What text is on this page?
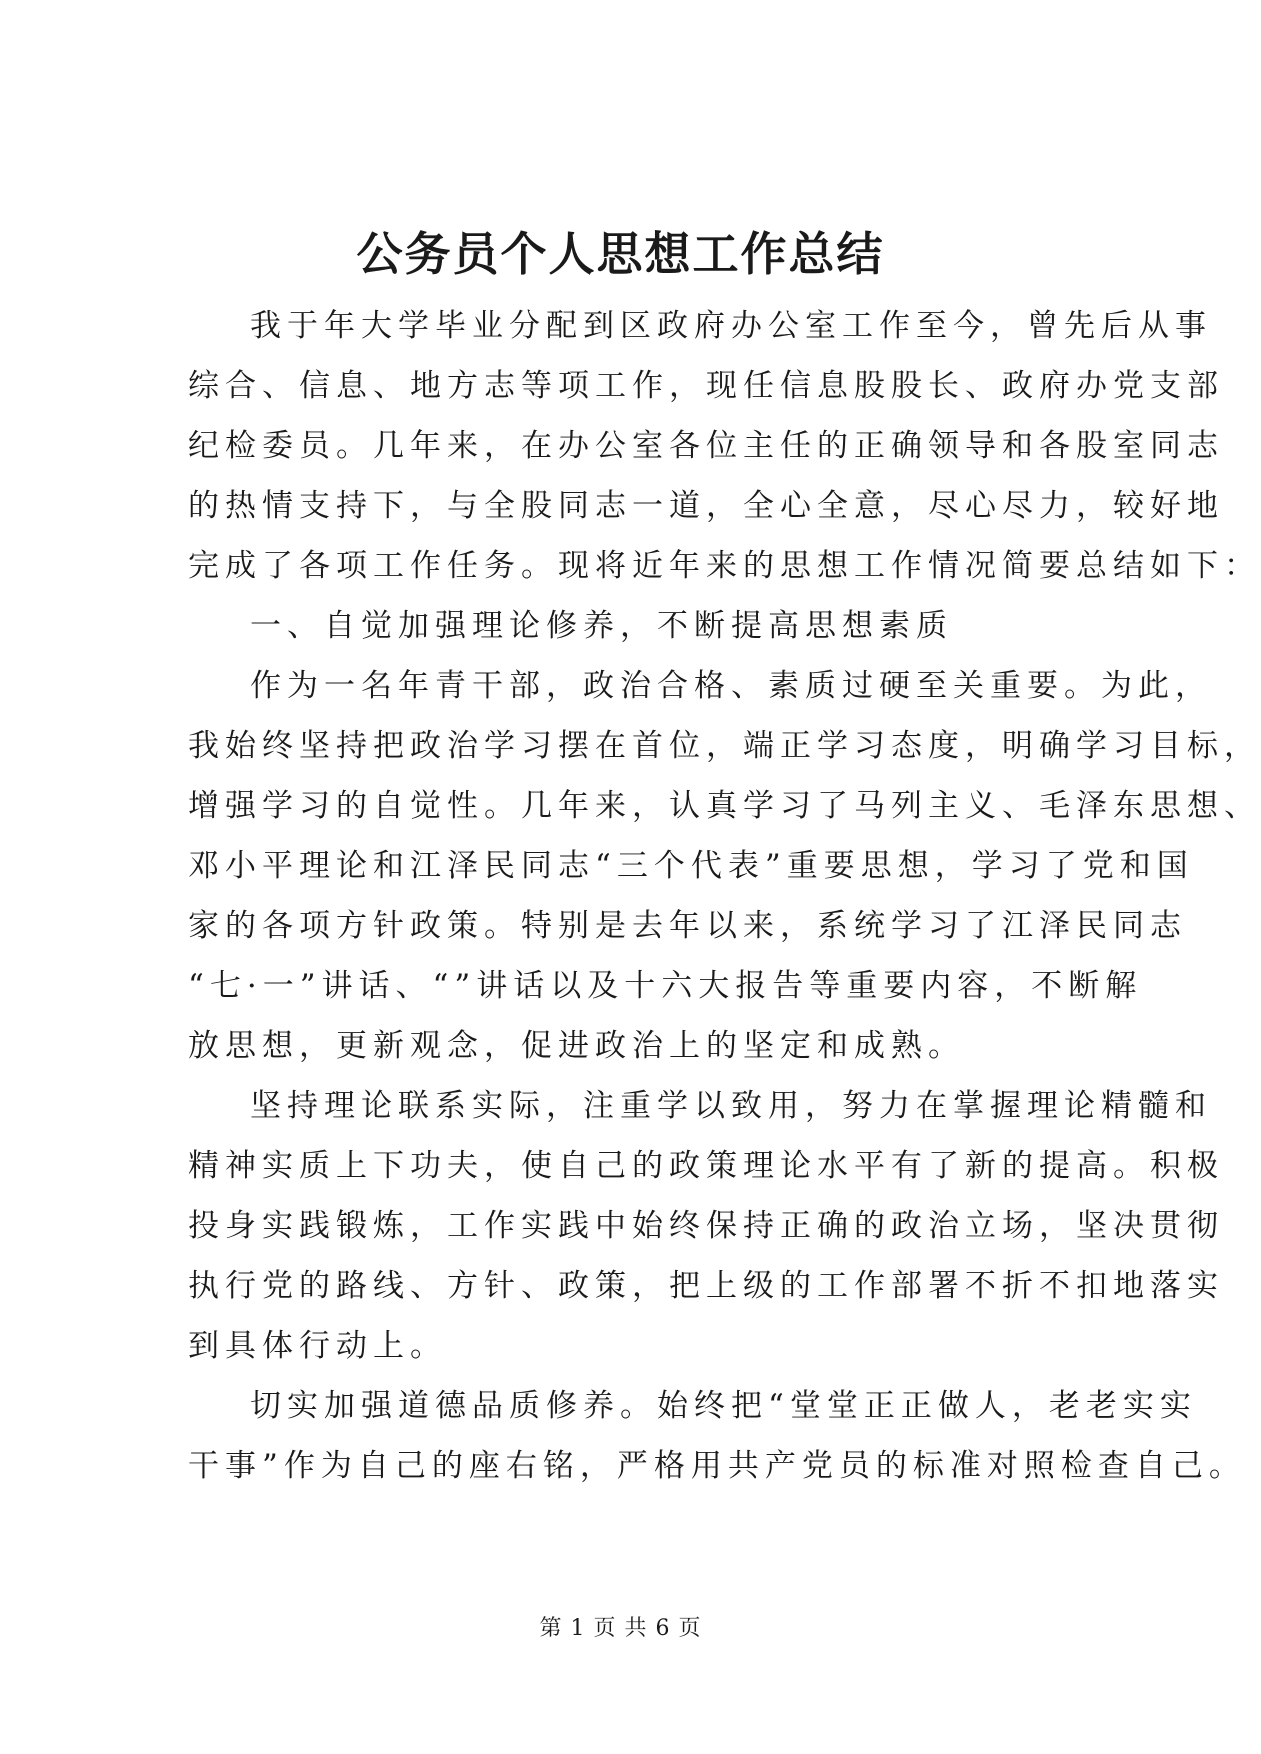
公务员个人思想工作总结
我于年大学毕业分配到区政府办公室工作至今，曾先后从事
综合、信息、地方志等项工作，现任信息股股长、政府办党支部
纪检委员。几年来，在办公室各位主任的正确领导和各股室同志
的热情支持下，与全股同志一道，全心全意，尽心尽力，较好地
完成了各项工作任务。现将近年来的思想工作情况简要总结如下：
一、自觉加强理论修养，不断提高思想素质
作为一名年青干部，政治合格、素质过硬至关重要。为此，
我始终坚持把政治学习摆在首位，端正学习态度，明确学习目标，
增强学习的自觉性。几年来，认真学习了马列主义、毛泽东思想、
邓小平理论和江泽民同志“三个代表”重要思想，学习了党和国
家的各项方针政策。特别是去年以来，系统学习了江泽民同志
“七·一”讲话、“”讲话以及十六大报告等重要内容，不断解
放思想，更新观念，促进政治上的坚定和成熟。
坚持理论联系实际，注重学以致用，努力在掌握理论精髓和
精神实质上下功夫，使自己的政策理论水平有了新的提高。积极
投身实践锻炼，工作实践中始终保持正确的政治立场，坚决贯彻
执行党的路线、方针、政策，把上级的工作部署不折不扣地落实
到具体行动上。
切实加强道德品质修养。始终把“堂堂正正做人，老老实实
干事”作为自己的座右铭，严格用共产党员的标准对照检查自己。
第 1 页 共 6 页
